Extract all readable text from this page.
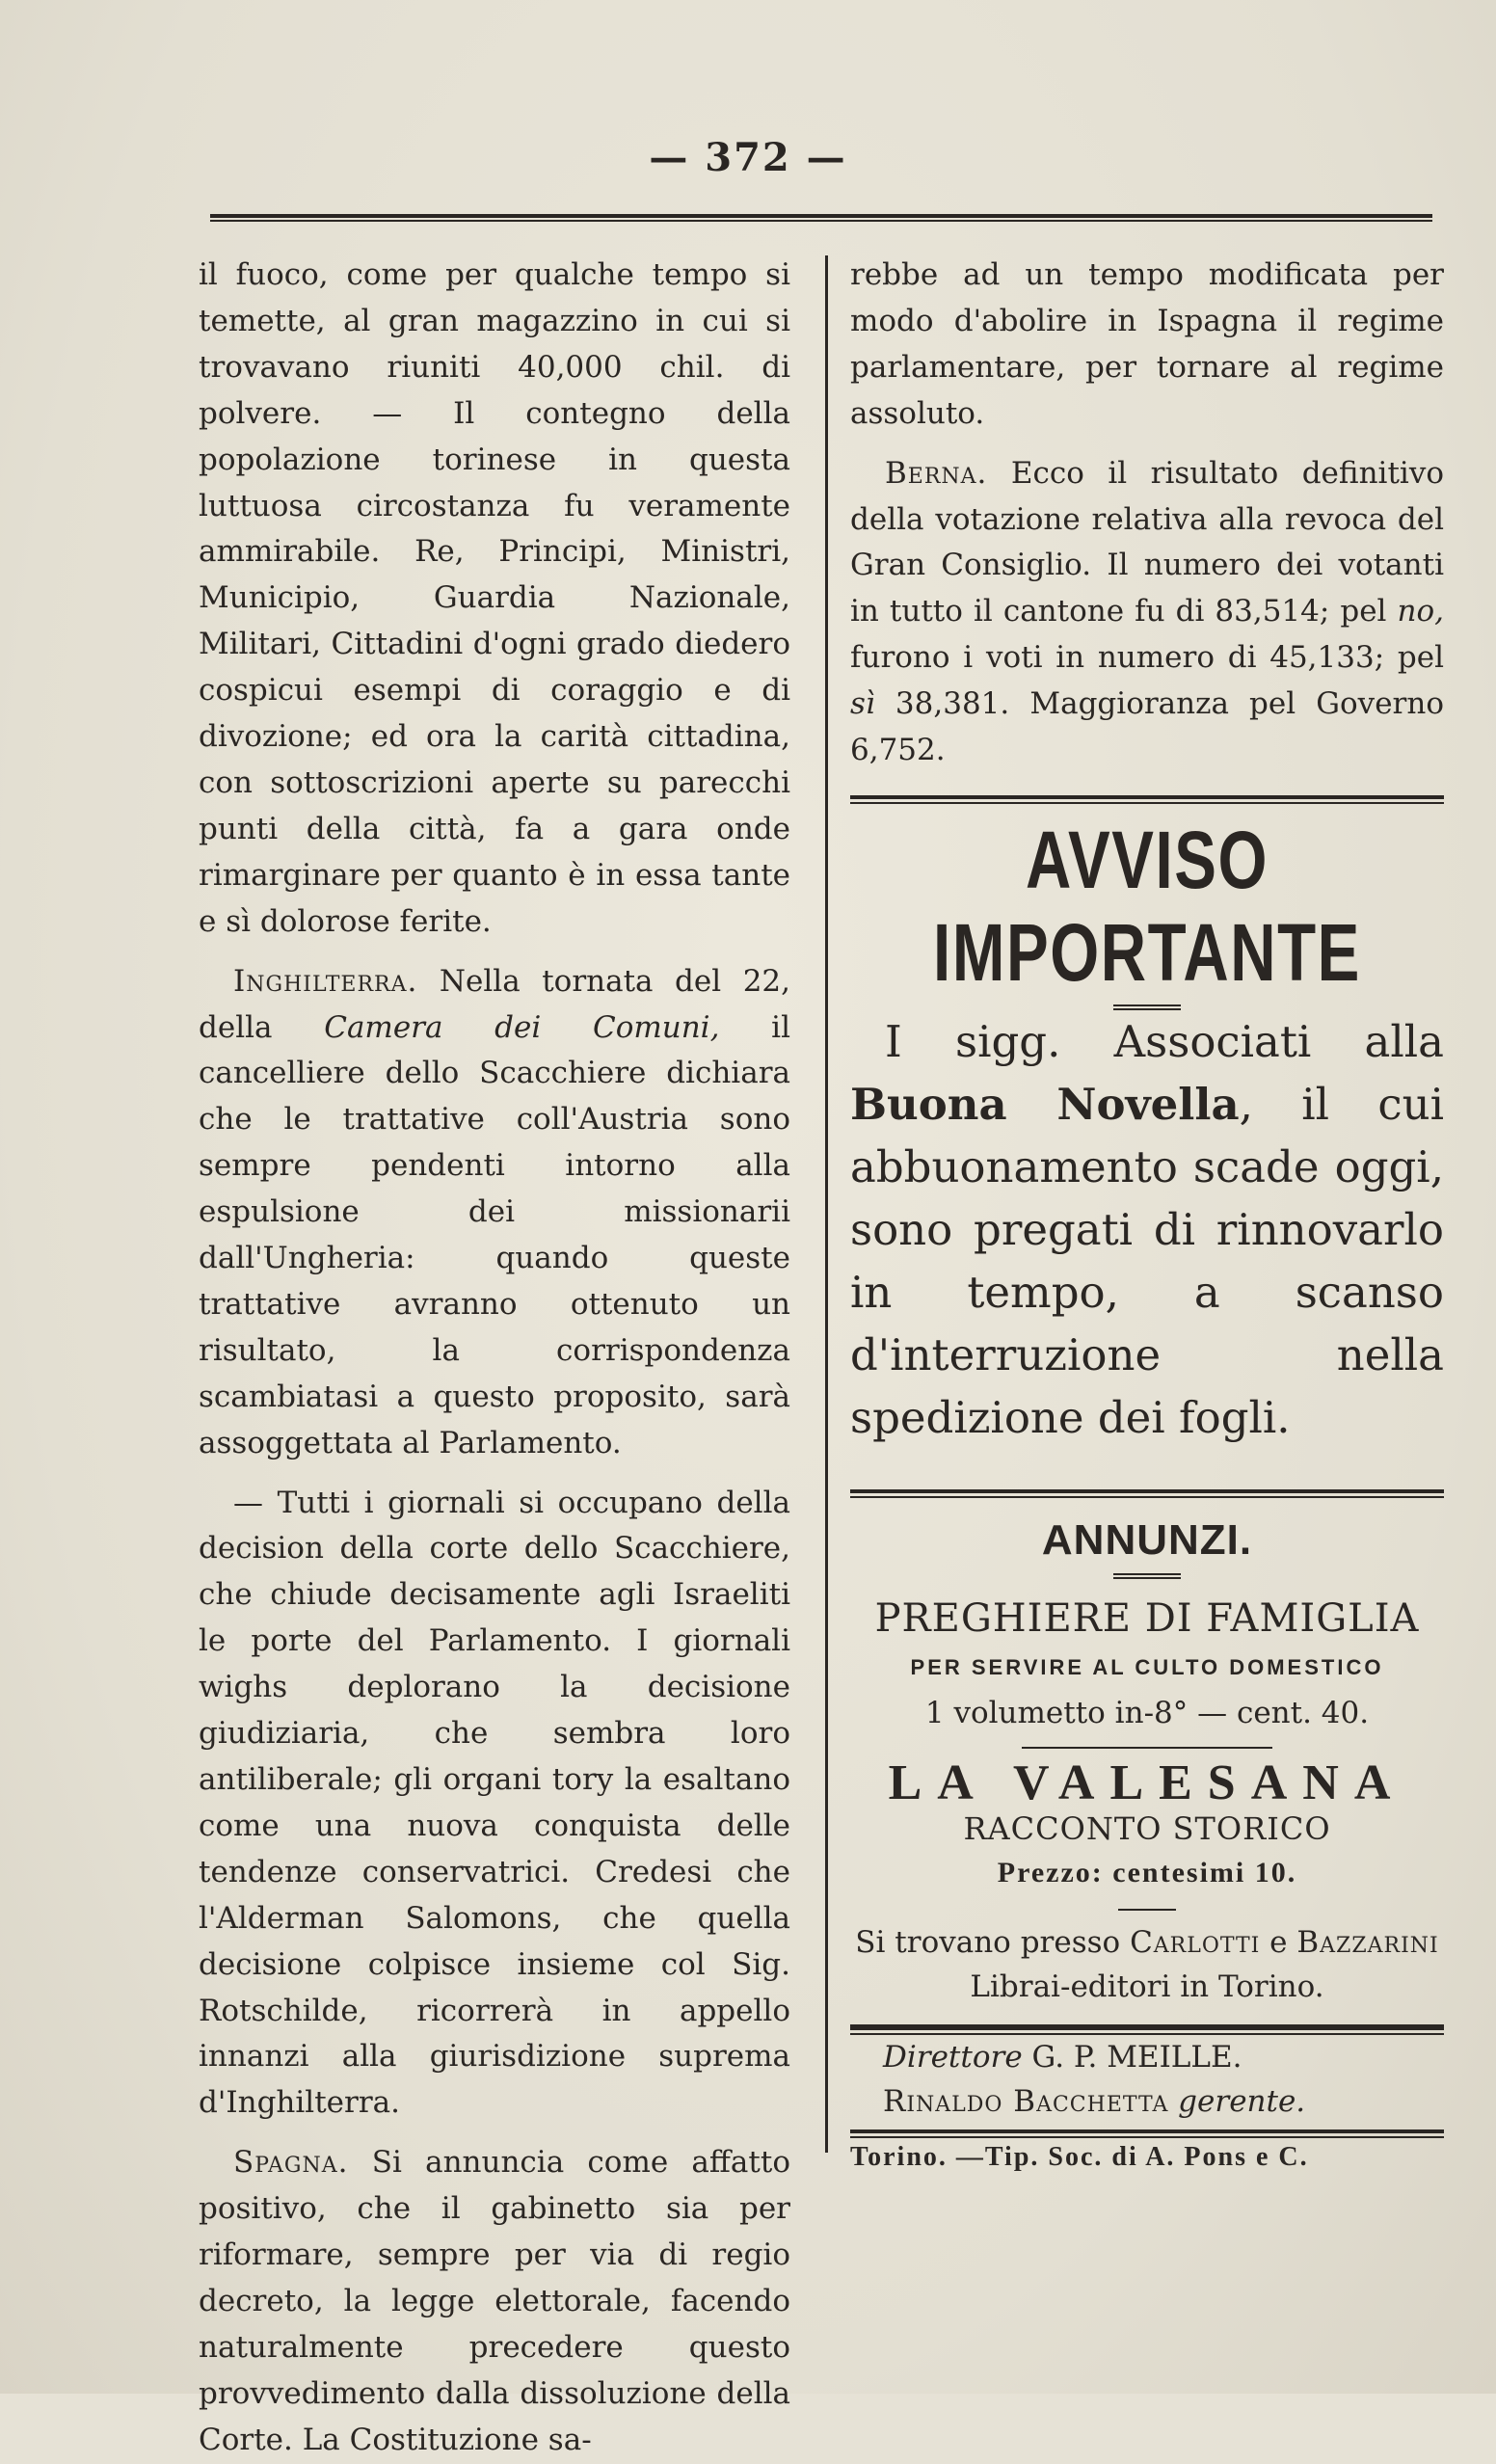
— 372 —

il fuoco, come per qualche tempo si temette, al gran magazzino in cui si trovavano riuniti 40,000 chil. di polvere. — Il contegno della popolazione torinese in questa luttuosa circostanza fu veramente ammirabile. Re, Principi, Ministri, Municipio, Guardia Nazionale, Militari, Cittadini d'ogni grado diedero cospicui esempi di coraggio e di divozione; ed ora la carità cittadina, con sottoscrizioni aperte su parecchi punti della città, fa a gara onde rimarginare per quanto è in essa tante e sì dolorose ferite.

Inghilterra. Nella tornata del 22, della Camera dei Comuni, il cancelliere dello Scacchiere dichiara che le trattative coll'Austria sono sempre pendenti intorno alla espulsione dei missionarii dall'Ungheria: quando queste trattative avranno ottenuto un risultato, la corrispondenza scambiatasi a questo proposito, sarà assoggettata al Parlamento.

— Tutti i giornali si occupano della decision della corte dello Scacchiere, che chiude decisamente agli Israeliti le porte del Parlamento. I giornali wighs deplorano la decisione giudiziaria, che sembra loro antiliberale; gli organi tory la esaltano come una nuova conquista delle tendenze conservatrici. Credesi che l'Alderman Salomons, che quella decisione colpisce insieme col Sig. Rotschilde, ricorrerà in appello innanzi alla giurisdizione suprema d'Inghilterra.

Spagna. Si annuncia come affatto positivo, che il gabinetto sia per riformare, sempre per via di regio decreto, la legge elettorale, facendo naturalmente precedere questo provvedimento dalla dissoluzione della Corte. La Costituzione sa-

rebbe ad un tempo modificata per modo d'abolire in Ispagna il regime parlamentare, per tornare al regime assoluto.

Berna. Ecco il risultato definitivo della votazione relativa alla revoca del Gran Consiglio. Il numero dei votanti in tutto il cantone fu di 83,514; pel no, furono i voti in numero di 45,133; pel sì 38,381. Maggioranza pel Governo 6,752.

AVVISO IMPORTANTE

I sigg. Associati alla Buona Novella, il cui abbuonamento scade oggi, sono pregati di rinnovarlo in tempo, a scanso d'interruzione nella spedizione dei fogli.

ANNUNZI.
PREGHIERE DI FAMIGLIA
PER SERVIRE AL CULTO DOMESTICO
1 volumetto in-8° — cent. 40.
LA VALESANA
RACCONTO STORICO
Prezzo: centesimi 10.
Si trovano presso Carlotti e Bazzarini
Librai-editori in Torino.
Direttore G. P. MEILLE.
Rinaldo Bacchetta gerente.
Torino. —Tip. Soc. di A. Pons e C.
